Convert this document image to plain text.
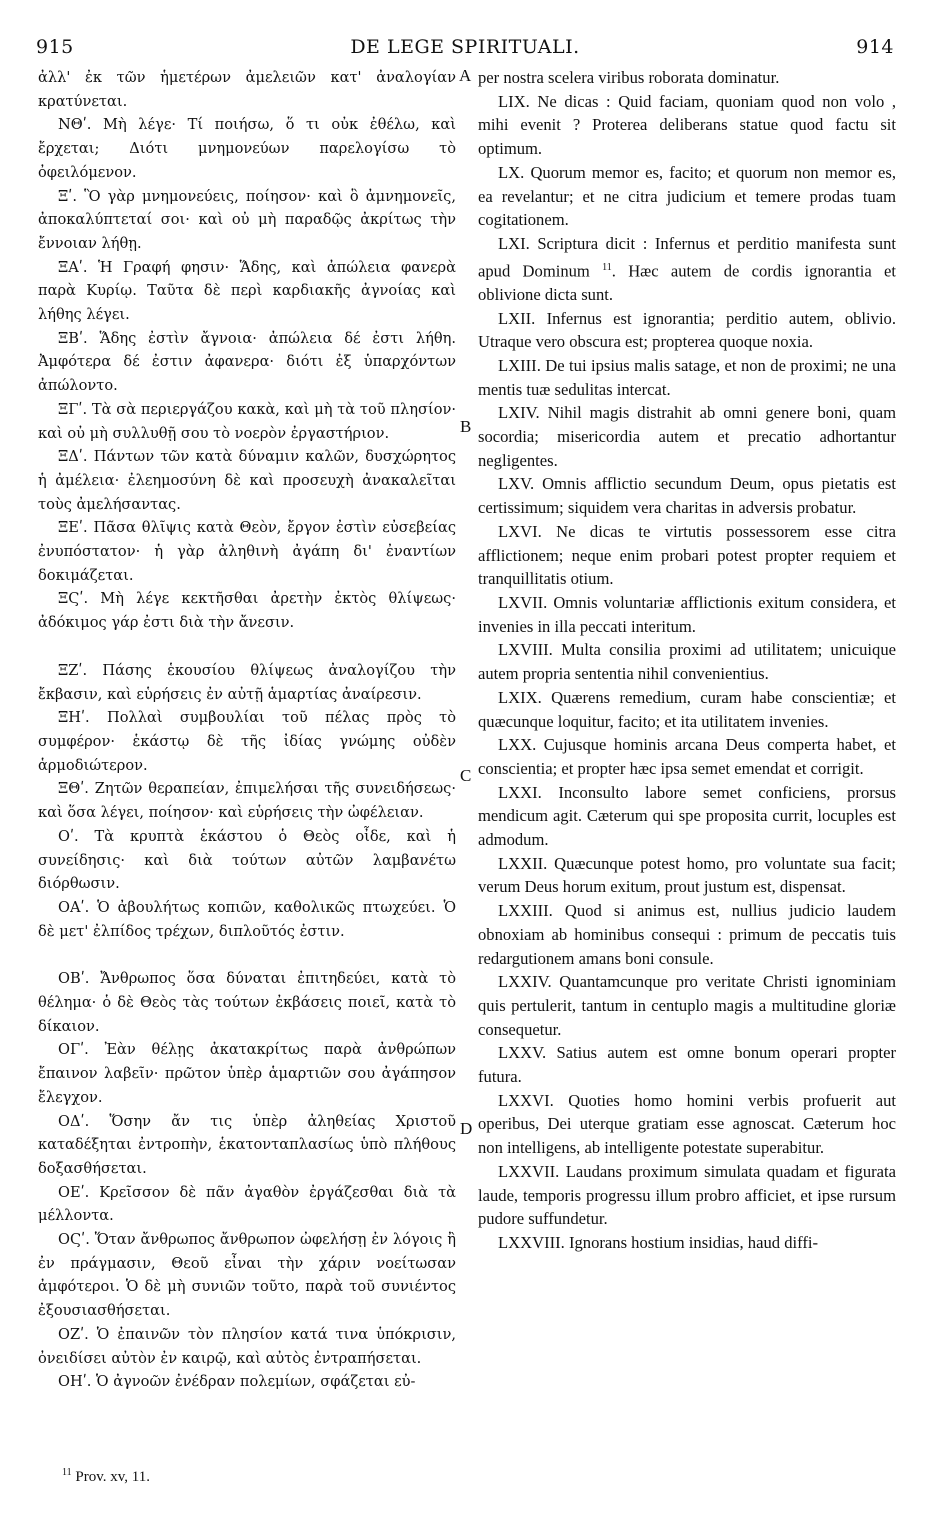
915	DE LEGE SPIRITUALI.	914
A
B
C
D

ἀλλ' ἐκ τῶν ἡμετέρων ἀμελειῶν κατ' ἀναλογίαν κρατύνεται.

ΝΘʹ. Μὴ λέγε· Τί ποιήσω, ὅ τι οὐκ ἐθέλω, καὶ ἔρχεται; Διότι μνημονεύων παρελογίσω τὸ ὀφειλόμενον.

Ξʹ. Ὃ γὰρ μνημονεύεις, ποίησον· καὶ ὃ ἀμνημονεῖς, ἀποκαλύπτεταί σοι· καὶ οὐ μὴ παραδῷς ἀκρίτως τὴν ἔννοιαν λήθῃ.

ΞΑʹ. Ἡ Γραφή φησιν· Ἅδης, καὶ ἀπώλεια φανερὰ παρὰ Κυρίῳ. Ταῦτα δὲ περὶ καρδιακῆς ἀγνοίας καὶ λήθης λέγει.

ΞΒʹ. Ἅδης ἐστὶν ἄγνοια· ἀπώλεια δέ ἐστι λήθη. Ἀμφότερα δέ ἐστιν ἀφανερα· διότι ἐξ ὑπαρχόντων ἀπώλοντο.

ΞΓʹ. Τὰ σὰ περιεργάζου κακὰ, καὶ μὴ τὰ τοῦ πλησίον· καὶ οὐ μὴ συλλυθῇ σου τὸ νοερὸν ἐργαστήριον.

ΞΔʹ. Πάντων τῶν κατὰ δύναμιν καλῶν, δυσχώρητος ἡ ἀμέλεια· ἐλεημοσύνη δὲ καὶ προσευχὴ ἀνακαλεῖται τοὺς ἀμελήσαντας.

ΞΕʹ. Πᾶσα θλῖψις κατὰ Θεὸν, ἔργον ἐστὶν εὐσεβείας ἐνυπόστατον· ἡ γὰρ ἀληθινὴ ἀγάπη δι' ἐναντίων δοκιμάζεται.

ΞϚʹ. Μὴ λέγε κεκτῆσθαι ἀρετὴν ἐκτὸς θλίψεως· ἀδόκιμος γάρ ἐστι διὰ τὴν ἄνεσιν.

ΞΖʹ. Πάσης ἑκουσίου θλίψεως ἀναλογίζου τὴν ἔκβασιν, καὶ εὑρήσεις ἐν αὐτῇ ἁμαρτίας ἀναίρεσιν.

ΞΗʹ. Πολλαὶ συμβουλίαι τοῦ πέλας πρὸς τὸ συμφέρον· ἑκάστῳ δὲ τῆς ἰδίας γνώμης οὐδὲν ἁρμοδιώτερον.

ΞΘʹ. Ζητῶν θεραπείαν, ἐπιμελήσαι τῆς συνειδήσεως· καὶ ὅσα λέγει, ποίησον· καὶ εὑρήσεις τὴν ὠφέλειαν.

Οʹ. Τὰ κρυπτὰ ἑκάστου ὁ Θεὸς οἶδε, καὶ ἡ συνείδησις· καὶ διὰ τούτων αὐτῶν λαμβανέτω διόρθωσιν.

ΟΑʹ. Ὁ ἀβουλήτως κοπιῶν, καθολικῶς πτωχεύει. Ὁ δὲ μετ' ἐλπίδος τρέχων, διπλοῦτός ἐστιν.

ΟΒʹ. Ἄνθρωπος ὅσα δύναται ἐπιτηδεύει, κατὰ τὸ θέλημα· ὁ δὲ Θεὸς τὰς τούτων ἐκβάσεις ποιεῖ, κατὰ τὸ δίκαιον.

ΟΓʹ. Ἐὰν θέλῃς ἀκατακρίτως παρὰ ἀνθρώπων ἔπαινον λαβεῖν· πρῶτον ὑπὲρ ἁμαρτιῶν σου ἀγάπησον ἔλεγχον.

ΟΔʹ. Ὅσην ἄν τις ὑπὲρ ἀληθείας Χριστοῦ καταδέξηται ἐντροπὴν, ἑκατονταπλασίως ὑπὸ πλήθους δοξασθήσεται.

ΟΕʹ. Κρεῖσσον δὲ πᾶν ἀγαθὸν ἐργάζεσθαι διὰ τὰ μέλλοντα.

ΟϚʹ. Ὅταν ἄνθρωπος ἄνθρωπον ὠφελήσῃ ἐν λόγοις ἢ ἐν πράγμασιν, Θεοῦ εἶναι τὴν χάριν νοείτωσαν ἀμφότεροι. Ὁ δὲ μὴ συνιῶν τοῦτο, παρὰ τοῦ συνιέντος ἐξουσιασθήσεται.

ΟΖʹ. Ὁ ἐπαινῶν τὸν πλησίον κατά τινα ὑπόκρισιν, ὀνειδίσει αὐτὸν ἐν καιρῷ, καὶ αὐτὸς ἐντραπήσεται.

ΟΗʹ. Ὁ ἀγνοῶν ἐνέδραν πολεμίων, σφάζεται εὐ-

per nostra scelera viribus roborata dominatur.

LIX. Ne dicas : Quid faciam, quoniam quod non volo , mihi evenit ? Proterea deliberans statue quod factu sit optimum.

LX. Quorum memor es, facito; et quorum non memor es, ea revelantur; et ne citra judicium et temere prodas tuam cogitationem.

LXI. Scriptura dicit : Infernus et perditio manifesta sunt apud Dominum $^{11}$. Hæc autem de cordis ignorantia et oblivione dicta sunt.

LXII. Infernus est ignorantia; perditio autem, oblivio. Utraque vero obscura est; propterea quoque noxia.

LXIII. De tui ipsius malis satage, et non de proximi; ne una mentis tuæ sedulitas intercat.

LXIV. Nihil magis distrahit ab omni genere boni, quam socordia; misericordia autem et precatio adhortantur negligentes.

LXV. Omnis afflictio secundum Deum, opus pietatis est certissimum; siquidem vera charitas in adversis probatur.

LXVI. Ne dicas te virtutis possessorem esse citra afflictionem; neque enim probari potest propter requiem et tranquillitatis otium.

LXVII. Omnis voluntariæ afflictionis exitum considera, et invenies in illa peccati interitum.

LXVIII. Multa consilia proximi ad utilitatem; unicuique autem propria sententia nihil convenientius.

LXIX. Quærens remedium, curam habe conscientiæ; et quæcunque loquitur, facito; et ita utilitatem invenies.

LXX. Cujusque hominis arcana Deus comperta habet, et conscientia; et propter hæc ipsa semet emendat et corrigit.

LXXI. Inconsulto labore semet conficiens, prorsus mendicum agit. Cæterum qui spe proposita currit, locuples est admodum.

LXXII. Quæcunque potest homo, pro voluntate sua facit; verum Deus horum exitum, prout justum est, dispensat.

LXXIII. Quod si animus est, nullius judicio laudem obnoxiam ab hominibus consequi : primum de peccatis tuis redargutionem amans boni consule.

LXXIV. Quantamcunque pro veritate Christi ignominiam quis pertulerit, tantum in centuplo magis a multitudine gloriæ consequetur.

LXXV. Satius autem est omne bonum operari propter futura.

LXXVI. Quoties homo homini verbis profuerit aut operibus, Dei uterque gratiam esse agnoscat. Cæterum hoc non intelligens, ab intelligente potestate superabitur.

LXXVII. Laudans proximum simulata quadam et figurata laude, temporis progressu illum probro afficiet, et ipse rursum pudore suffundetur.

LXXVIII. Ignorans hostium insidias, haud diffi-

$^{11}$ Prov. xv, 11.
